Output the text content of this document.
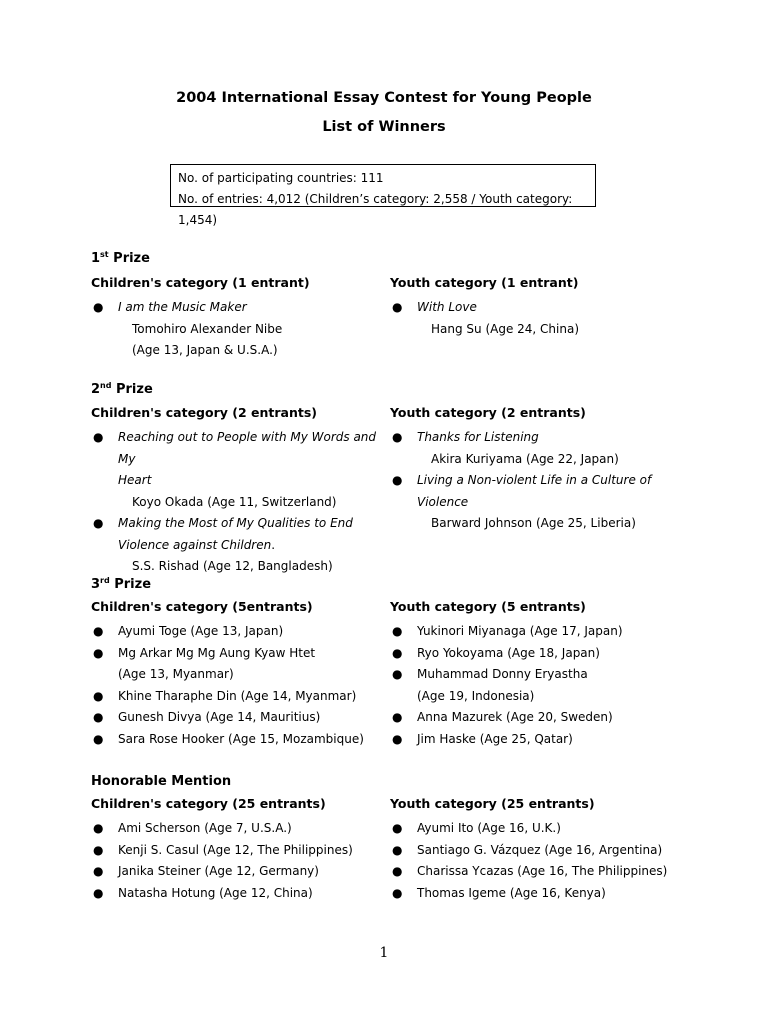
2004 International Essay Contest for Young People
List of Winners
No. of participating countries: 111
No. of entries: 4,012 (Children’s category: 2,558 / Youth category: 1,454)
1st Prize
Children's category (1 entrant)
●	I am the Music Maker
Tomohiro Alexander Nibe
(Age 13, Japan & U.S.A.)
Youth category (1 entrant)
●	With Love
Hang Su (Age 24, China)
2nd Prize
Children's category (2 entrants)
●	Reaching out to People with My Words and My
Heart
Koyo Okada (Age 11, Switzerland)
●	Making the Most of My Qualities to End
Violence against Children.
S.S. Rishad (Age 12, Bangladesh)
Youth category (2 entrants)
●	Thanks for Listening
Akira Kuriyama (Age 22, Japan)
●	Living a Non-violent Life in a Culture of
Violence
Barward Johnson (Age 25, Liberia)
3rd Prize
Children's category (5entrants)
●	Ayumi Toge (Age 13, Japan)
●	Mg Arkar Mg Mg Aung Kyaw Htet
(Age 13, Myanmar)
●	Khine Tharaphe Din (Age 14, Myanmar)
●	Gunesh Divya (Age 14, Mauritius)
●	Sara Rose Hooker (Age 15, Mozambique)
Youth category (5 entrants)
●	Yukinori Miyanaga (Age 17, Japan)
●	Ryo Yokoyama (Age 18, Japan)
●	Muhammad Donny Eryastha
(Age 19, Indonesia)
●	Anna Mazurek (Age 20, Sweden)
●	Jim Haske (Age 25, Qatar)
Honorable Mention
Children's category (25 entrants)
●	Ami Scherson (Age 7, U.S.A.)
●	Kenji S. Casul (Age 12, The Philippines)
●	Janika Steiner (Age 12, Germany)
●	Natasha Hotung (Age 12, China)
Youth category (25 entrants)
●	Ayumi Ito (Age 16, U.K.)
●	Santiago G. Vázquez (Age 16, Argentina)
●	Charissa Ycazas (Age 16, The Philippines)
●	Thomas Igeme (Age 16, Kenya)
1
